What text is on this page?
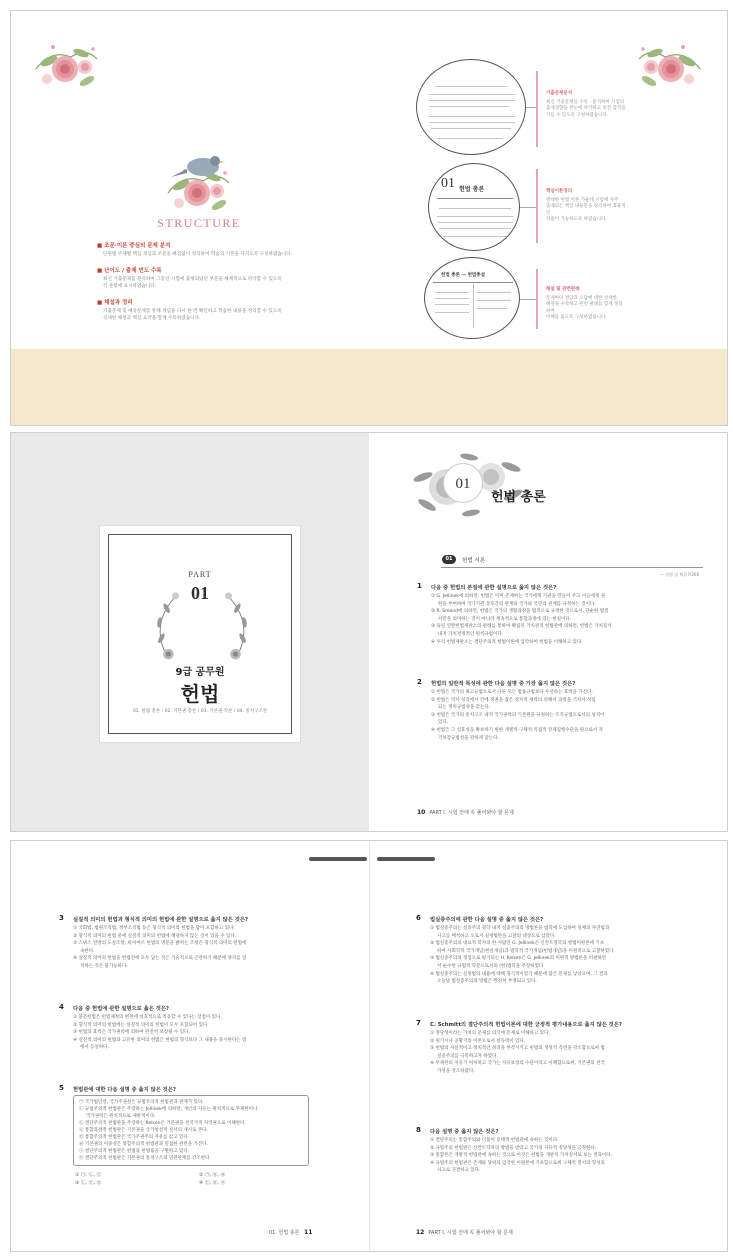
STRUCTURE
■ 조문·이론 중심의 문제 분석
단원별·주제별 핵심 개념과 조문을 빠짐없이 정리하여 학습의 기본을 다지도록 구성하였습니다.
■ 난이도 / 출제 빈도 수록
최신 기출문제를 분석하여 그동안 시험에 출제되었던 부분을 체계적으로 파악할 수 있도록
각 문항에 표시하였습니다.
■ 해설과 정리
기출문제 및 예상문제를 통해 개념을 다시 한 번 확인하고 학습한 내용을 정리할 수 있도록
상세한 해설과 핵심 요약을 함께 수록하였습니다.
기출문제분석
최신 기출문제를 수록 · 분석하여 시험의
출제경향을 한눈에 파악하고 실전 감각을
기를 수 있도록 구성하였습니다.
01 헌법 총론	핵심이론정리
방대한 헌법 이론 가운데 시험에 자주
출제되는 핵심 내용만을 정리하여 효율적인
학습이 가능하도록 하였습니다.
헌법 총론 — 헌법총설
해설 및 관련판례
문제마다 정답과 오답에 대한 상세한
해설을 수록하고 관련 판례를 함께 정리하여
이해를 돕도록 구성하였습니다.
PART
01
9급 공무원
헌법
01. 헌법 총론 / 02. 기본권 총론 / 03. 기본권 각론 / 04. 통치구조론
01
헌법 총론
01	헌법 서론
— 헌법 및 체결 P.266
1 다음 중 헌법의 본질에 관한 설명으로 옳지 않은 것은?
① G. Jellinek에 의하면, 헌법은 이미 존재하는 국가에게 기관을 만들어 주고 이들에게 권
한을 부여하며 국가기관 상호간의 관계와 국가와 국민의 관계를 규정하는 것이다.
② R. Smend에 의하면, 헌법은 국가의 생활과정을 법적으로 규정한 것으로서, 단순한 법질
서만을 의미하는 것이 아니라 계속적으로 통합과정에 있는 현실이다.
③ 독일 연방헌법재판소의 판례를 통하여 확립된 가치관적 헌법관에 의하면, 헌법은 가치질서
내지 가치결정적인 원칙규범이다.
④ 우리 헌법재판소는 결단주의적 헌법이론에 입각하여 헌법을 이해하고 있다.
2 헌법의 일반적 특성에 관한 다음 설명 중 가장 옳지 않은 것은?
① 헌법은 국가의 최고규범으로서 다른 모든 법률규범보다 우선하는 효력을 가진다.
② 헌법은 역사 성격에서 간에 정권을 잡은 정치적 세력의 의해서 과정을 거쳐서 성립
되는 정치규범성을 갖는다.
③ 헌법은 국가의 통치구조 내지 국가권력의 기본원을 규정하는 조직규범으로서의 성격이
있다.
④ 헌법은 그 실효성을 확보하기 위한 개별적·구체적·직접적 강제집행수단을 원으로서 자
기보장규범성을 강하게 갖는다.
10 PART Ⅰ. 시험 전에 꼭 풀어봐야 할 문제
3 실질적 의미의 헌법과 형식적 의미의 헌법에 관한 설명으로 옳지 않은 것은?
① 국회법, 법원조직법, 정부조직법 등은 형식적 의미의 헌법을 담아 포함하고 있다.
② 형식적 의미의 헌법 중에 실질적 의미의 헌법에 해당하지 않는 것이 있을 수 있다.
③ 스위스 연방의 도살조항, 바이마르 헌법의 명문을 밝히는 조항은 형식적 의미의 헌법에
속한다.
④ 실질적 의미의 헌법을 헌법전에 모두 담는 것은 기술적으로 곤란하기 때문에 양자를 일
치하는 것은 불가능하다.
4 다음 중 헌법에 관한 설명으로 옳은 것은?
① 불문헌법은 헌법제정의 변천에 실효적으로 적응할 수 있다는 장점이 있다.
② 형식적 의미의 헌법에는 실질적 의미의 헌법이 모두 포함되어 있다.
③ 헌법의 효력은 국가권력에 의하여 완전히 보장될 수 있다.
④ 실질적 의미의 헌법과 고유한 의미의 헌법은 헌법의 형식보다 그 내용을 중시한다는 점
에서 동일하다.
5 헌법관에 대한 다음 설명 중 옳지 않은 것은?
㉠ 국가법인설, 국가주권설은 규범주의적 헌법관과 관계가 있다.
㉡ 규범주의적 헌법관은 주장하는 Jellinek에 의하면, 개인의 자유는 원칙적으로 무제한이나
국가권력은 원칙적으로 제한적이다.
㉢ 결단주의적 헌법관을 주장하는 Kelsen은 기본권을 전국가적 자연권으로 이해한다.
㉣ 통합과정적 헌법관은 기본권을 국가창설적 질서의 개시로 본다.
㉤ 통합주의적 헌법관은 국가주권주의 자유를 갖고 있다.
㉥ 기본권의 이중성은 통합주의적 헌법관과 밀접한 관련을 가진다.
㉦ 결단주의적 헌법관은 헌법과 헌법률을 구별하고 있다.
㉧ 결단주의적 헌법관은 기본권의 통치구조의 연관관계를 강조한다.
① ㉠, ㉡, ㉢	② ㉠, ㉣, ㉥
③ ㉡, ㉢, ㉤	④ ㉢, ㉤, ㉧
01. 헌법 총론 11
6 법실증주의에 관한 다음 설명 중 옳지 않은 것은?
① 법실증주의는 실증주의 철학 내지 실증주의의 방법론을 법학에 도입하여 일체의 자연법과
사고를 배척하고 오로지 실정법만을 고찰의 대상으로 삼았다.
② 법실증주의의 대표적 학자의 한 사람인 G. Jellinek은 신칸트철학의 방법이원론에 기초
하여 사회학적 국가개념(현실개념)과 법학적 국가개념(헌법개념)을 이원적으로 고찰하였다.
③ 법실증주의의 정점으로 평가되는 H. Kelsen은 G. Jellinek의 이원적 방법론을 비판하면
서 순수한 규범적 학문으로서의 (헌)법학을 주장하였다.
④ 법실증주의는 실정법의 내용에 대해 형식적이었기 때문에 많은 문제를 낳았으며, 그 결과
오늘날 법실증주의의 방법은 완전히 부정되고 있다.
7 C. Schmitt의 결단주의적 헌법이론에 대한 긍정적 평가내용으로 옳지 않은 것은?
① 정당성이라는 가치의 문제를 의식에 문제로 이해하고 있다.
② 위기시나 공황기의 이론으로서 설득력이 있다.
③ 헌법의 사실적이고 정치적인 성격을 부각시키고 헌법의 생성적 측면을 강조함으로써 법
실증주의를 극복하고자 하였다.
④ 무제한의 자유가 허처하고 국가는 자유보장의 수단이라고 이해함으로써, 기본권의 천국
가성을 강조하였다.
8 다음 설명 중 옳지 않은 것은?
① 결단주의는 통합주의와 더불어 동태적 헌법관에 속하는 것이다.
② 규범주의 헌법관은 신칸트학파의 방법을 받았고 국가의 자유적 정당성을 긍정한다.
③ 통합론은 개방적 헌법관에 속하는 것으로 이것은 헌법을 개관적 가치질서로 보는 결과이다.
④ 규범주의 헌법관은 존재와 당위의 엄격한 이원론에 기초함으로써 구체적 질서의 형성의
사고로 귀결하고 있다.
12 PART Ⅰ. 시험 전에 꼭 풀어봐야 할 문제
